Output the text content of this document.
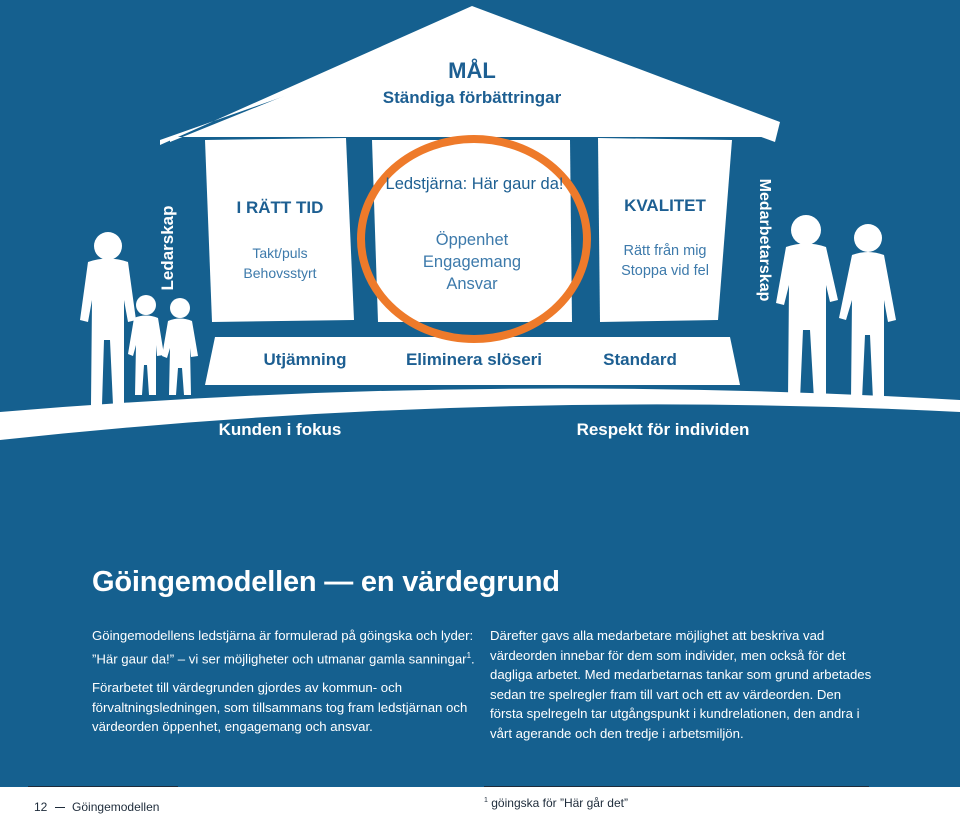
MÅL
Ständiga förbättringar
Ledarskap	Medarbetarskap
I RÄTT TID
Takt/puls
Behovsstyrt
Ledstjärna: Här gaur da!
Öppenhet
Engagemang
Ansvar
KVALITET
Rätt från mig
Stoppa vid fel
Utjämning	Eliminera slöseri	Standard
Kunden i fokus	Respekt för individen
Göingemodellen — en värdegrund

Göingemodellens ledstjärna är formulerad på göingska och lyder: ”Här gaur da!” – vi ser möjligheter och utmanar gamla sanningar$^1$.

Förarbetet till värdegrunden gjordes av kommun- och förvaltningsledningen, som tillsammans tog fram ledstjärnan och värdeorden öppenhet, engagemang och ansvar.

Därefter gavs alla medarbetare möjlighet att beskriva vad värdeorden innebar för dem som individer, men också för det dagliga arbetet. Med medarbetarnas tankar som grund arbetades sedan tre spelregler fram till vart och ett av värdeorden. Den första spelregeln tar utgångspunkt i kundrelationen, den andra i vårt agerande och den tredje i arbetsmiljön.

12 Göingemodellen	$^1$ göingska för ”Här går det”
